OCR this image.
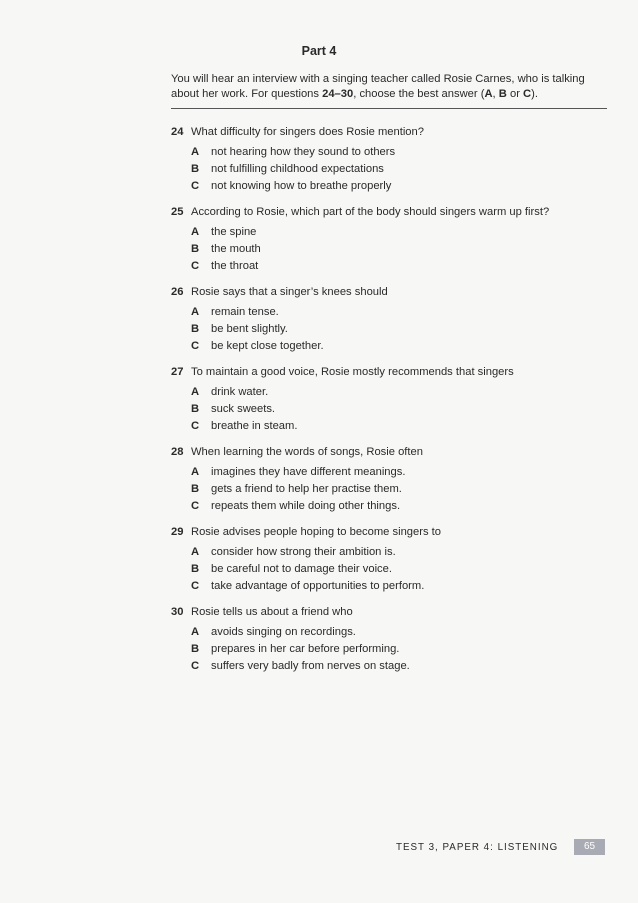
Part 4
You will hear an interview with a singing teacher called Rosie Carnes, who is talking about her work. For questions 24–30, choose the best answer (A, B or C).
24 What difficulty for singers does Rosie mention?
A	not hearing how they sound to others
B	not fulfilling childhood expectations
C	not knowing how to breathe properly
25 According to Rosie, which part of the body should singers warm up first?
A	the spine
B	the mouth
C	the throat
26 Rosie says that a singer’s knees should
A	remain tense.
B	be bent slightly.
C	be kept close together.
27 To maintain a good voice, Rosie mostly recommends that singers
A	drink water.
B	suck sweets.
C	breathe in steam.
28 When learning the words of songs, Rosie often
A	imagines they have different meanings.
B	gets a friend to help her practise them.
C	repeats them while doing other things.
29 Rosie advises people hoping to become singers to
A	consider how strong their ambition is.
B	be careful not to damage their voice.
C	take advantage of opportunities to perform.
30 Rosie tells us about a friend who
A	avoids singing on recordings.
B	prepares in her car before performing.
C	suffers very badly from nerves on stage.
TEST 3, PAPER 4: LISTENING	65
